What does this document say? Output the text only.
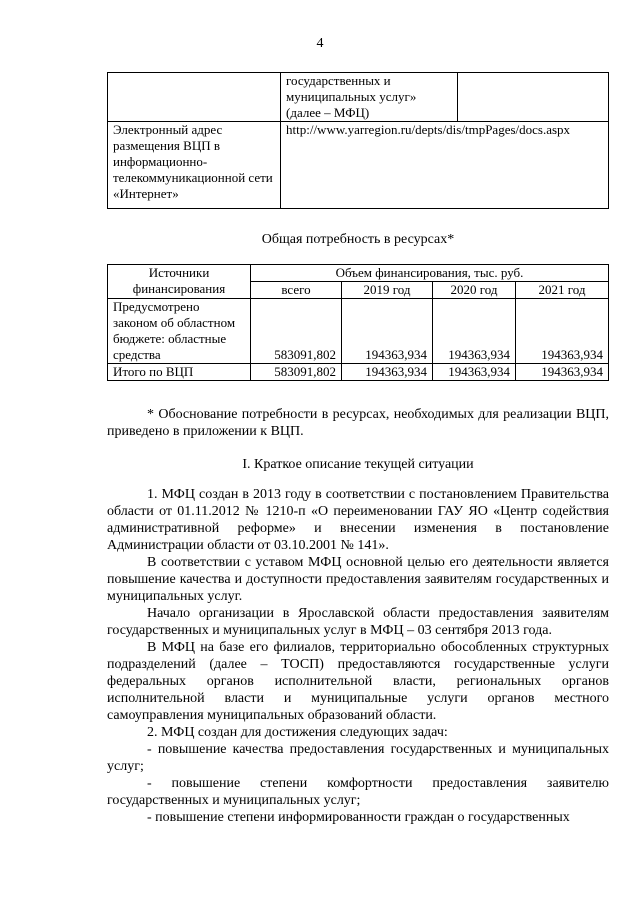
4
	государственных и муниципальных услуг» (далее – МФЦ)	
Электронный адрес размещения ВЦП в информационно-телекоммуникационной сети «Интернет»	http://www.yarregion.ru/depts/dis/tmpPages/docs.aspx	
Общая потребность в ресурсах*
Источники финансирования	Объем финансирования, тыс. руб.			
	всего	2019 год	2020 год	2021 год
Предусмотрено законом об областном бюджете: областные средства	583091,802	194363,934	194363,934	194363,934
Итого по ВЦП	583091,802	194363,934	194363,934	194363,934

* Обоснование потребности в ресурсах, необходимых для реализации ВЦП, приведено в приложении к ВЦП.

I. Краткое описание текущей ситуации

1. МФЦ создан в 2013 году в соответствии с постановлением Правительства области от 01.11.2012 № 1210-п «О переименовании ГАУ ЯО «Центр содействия административной реформе» и внесении изменения в постановление Администрации области от 03.10.2001 № 141».

В соответствии с уставом МФЦ основной целью его деятельности является повышение качества и доступности предоставления заявителям государственных и муниципальных услуг.

Начало организации в Ярославской области предоставления заявителям государственных и муниципальных услуг в МФЦ – 03 сентября 2013 года.

В МФЦ на базе его филиалов, территориально обособленных структурных подразделений (далее – ТОСП) предоставляются государственные услуги федеральных органов исполнительной власти, региональных органов исполнительной власти и муниципальные услуги органов местного самоуправления муниципальных образований области.

2. МФЦ создан для достижения следующих задач:

- повышение качества предоставления государственных и муниципальных услуг;

- повышение степени комфортности предоставления заявителю государственных и муниципальных услуг;

- повышение степени информированности граждан о государственных
